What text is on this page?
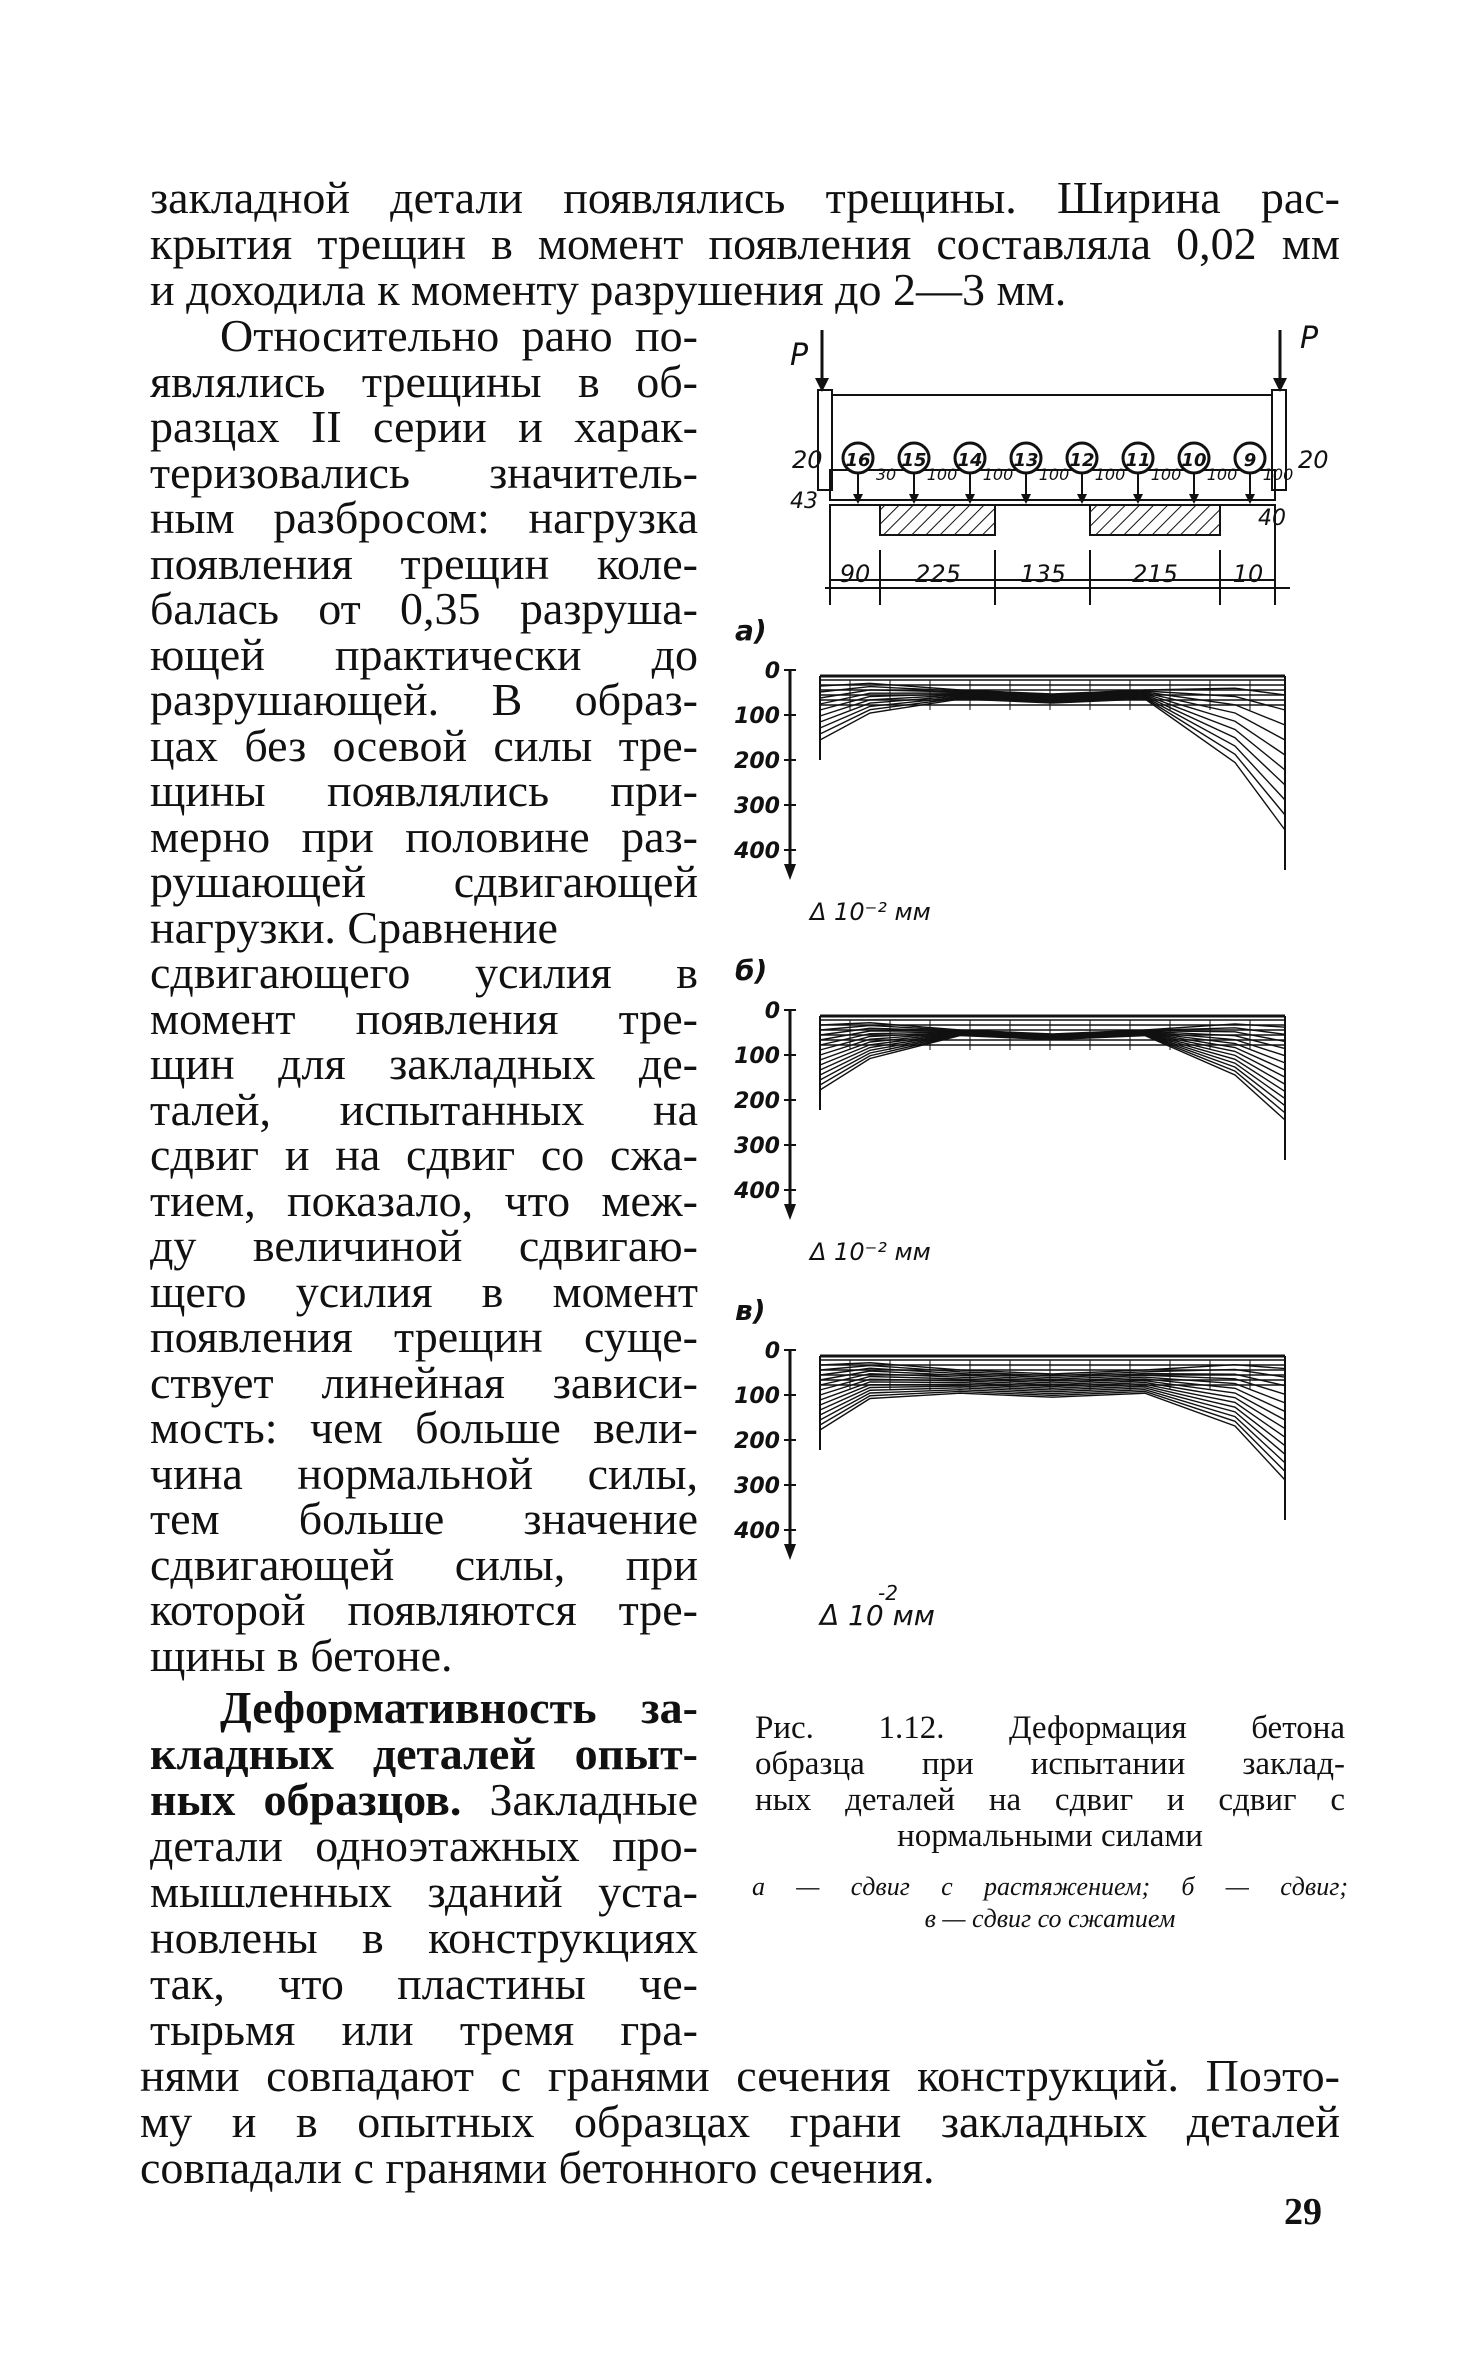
закладной детали появлялись трещины. Ширина рас-

крытия трещин в момент появления составляла 0,02 мм

и доходила к моменту разрушения до 2—3 мм.

Относительно рано по-

являлись трещины в об-

разцах II серии и харак-

теризовались значитель-

ным разбросом: нагрузка

появления трещин коле-

балась от 0,35 разруша-

ющей практически до

разрушающей. В образ-

цах без осевой силы тре-

щины появлялись при-

мерно при половине раз-

рушающей сдвигающей

нагрузки. Сравнение

сдвигающего усилия в

момент появления тре-

щин для закладных де-

талей, испытанных на

сдвиг и на сдвиг со сжа-

тием, показало, что меж-

ду величиной сдвигаю-

щего усилия в момент

появления трещин суще-

ствует линейная зависи-

мость: чем больше вели-

чина нормальной силы,

тем больше значение

сдвигающей силы, при

которой появляются тре-

щины в бетоне.

Деформативность за-

кладных деталей опыт-

ных образцов. Закладные

детали одноэтажных про-

мышленных зданий уста-

новлены в конструкциях

так, что пластины че-

тырьмя или тремя гра-

нями совпадают с гранями сечения конструкций. Поэто-

му и в опытных образцах грани закладных деталей

совпадали с гранями бетонного сечения.

P	P
20
43
20
40
16
30
15
100
14
100
13
100
12
100
11
100
10
100
9
100
90 225 135	215 10
а)
0
100
200
300
400
Δ 10⁻² мм
б)
0
100
200
300
400
Δ 10⁻² мм
в)
0
100
200
300
400
Δ 10 мм
-2

Рис. 1.12. Деформация бетона

образца при испытании заклад-

ных деталей на сдвиг и сдвиг с

нормальными силами

а — сдвиг с растяжением; б — сдвиг;

в — сдвиг со сжатием

29
